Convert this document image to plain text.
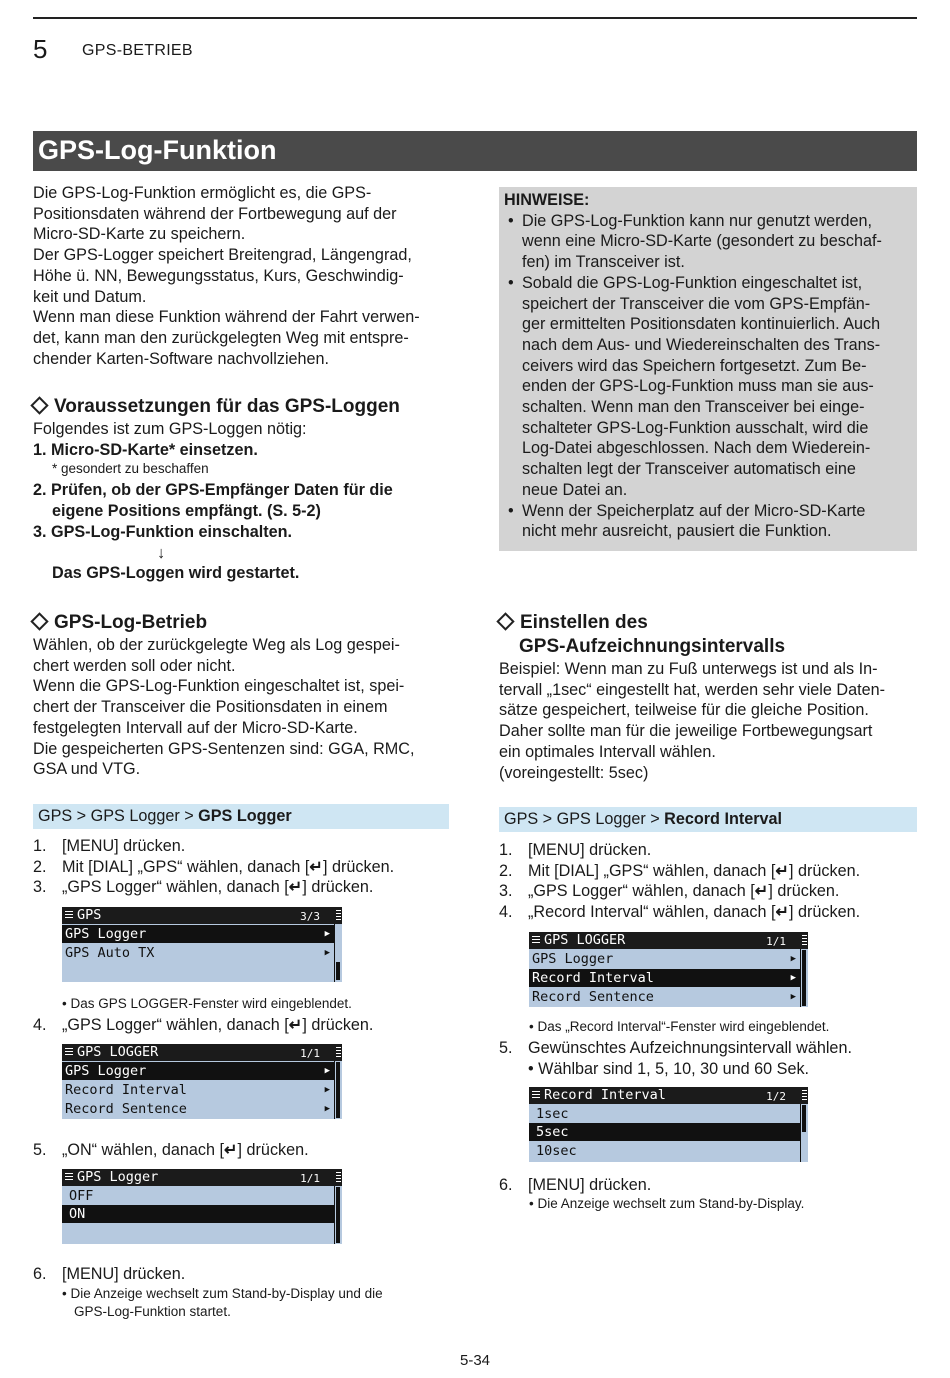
5 GPS-BETRIEB
GPS-Log-Funktion
Die GPS-Log-Funktion ermöglicht es, die GPS-
Positionsdaten während der Fortbewegung auf der
Micro-SD-Karte zu speichern.
Der GPS-Logger speichert Breitengrad, Längengrad,
Höhe ü. NN, Bewegungsstatus, Kurs, Geschwindig-
keit und Datum.
Wenn man diese Funktion während der Fahrt verwen-
det, kann man den zurückgelegten Weg mit entspre-
chender Karten-Software nachvollziehen.
Voraussetzungen für das GPS-Loggen
Folgendes ist zum GPS-Loggen nötig:
1. Micro-SD-Karte* einsetzen.
* gesondert zu beschaffen
2. Prüfen, ob der GPS-Empfänger Daten für die
eigene Positions empfängt. (S. 5-2)
3. GPS-Log-Funktion einschalten.
↓
Das GPS-Loggen wird gestartet.
HINWEISE:
• Die GPS-Log-Funktion kann nur genutzt werden,
wenn eine Micro-SD-Karte (gesondert zu beschaf-
fen) im Transceiver ist.
• Sobald die GPS-Log-Funktion eingeschaltet ist,
speichert der Transceiver die vom GPS-Empfän-
ger ermittelten Positionsdaten kontinuierlich. Auch
nach dem Aus- und Wiedereinschalten des Trans-
ceivers wird das Speichern fortgesetzt. Zum Be-
enden der GPS-Log-Funktion muss man sie aus-
schalten. Wenn man den Transceiver bei einge-
schalteter GPS-Log-Funktion ausschalt, wird die
Log-Datei abgeschlossen. Nach dem Wiederein-
schalten legt der Transceiver automatisch eine
neue Datei an.
• Wenn der Speicherplatz auf der Micro-SD-Karte
nicht mehr ausreicht, pausiert die Funktion.
GPS-Log-Betrieb
Wählen, ob der zurückgelegte Weg als Log gespei-
chert werden soll oder nicht.
Wenn die GPS-Log-Funktion eingeschaltet ist, spei-
chert der Transceiver die Positionsdaten in einem
festgelegten Intervall auf der Micro-SD-Karte.
Die gespeicherten GPS-Sentenzen sind: GGA, RMC,
GSA und VTG.
GPS > GPS Logger > GPS Logger
1. [MENU] drücken.
2. Mit [DIAL] „GPS“ wählen, danach [↵] drücken.
3. „GPS Logger“ wählen, danach [↵] drücken.
GPS	3/3
GPS Logger	▶
GPS Auto TX	▶
• Das GPS LOGGER-Fenster wird eingeblendet.
4. „GPS Logger“ wählen, danach [↵] drücken.
GPS LOGGER	1/1
GPS Logger	▶
Record Interval	▶
Record Sentence	▶
5. „ON“ wählen, danach [↵] drücken.
GPS Logger	1/1
OFF
ON
6. [MENU] drücken.
• Die Anzeige wechselt zum Stand-by-Display und die
GPS-Log-Funktion startet.
Einstellen des
GPS-Aufzeichnungsintervalls
Beispiel: Wenn man zu Fuß unterwegs ist und als In-
tervall „1sec“ eingestellt hat, werden sehr viele Daten-
sätze gespeichert, teilweise für die gleiche Position.
Daher sollte man für die jeweilige Fortbewegungsart
ein optimales Intervall wählen.
(voreingestellt: 5sec)
GPS > GPS Logger > Record Interval
1. [MENU] drücken.
2. Mit [DIAL] „GPS“ wählen, danach [↵] drücken.
3. „GPS Logger“ wählen, danach [↵] drücken.
4. „Record Interval“ wählen, danach [↵] drücken.
GPS LOGGER	1/1
GPS Logger	▶
Record Interval	▶
Record Sentence	▶
• Das „Record Interval“-Fenster wird eingeblendet.
5. Gewünschtes Aufzeichnungsintervall wählen.
• Wählbar sind 1, 5, 10, 30 und 60 Sek.
Record Interval	1/2
1sec
5sec
10sec
6. [MENU] drücken.
• Die Anzeige wechselt zum Stand-by-Display.
5-34
